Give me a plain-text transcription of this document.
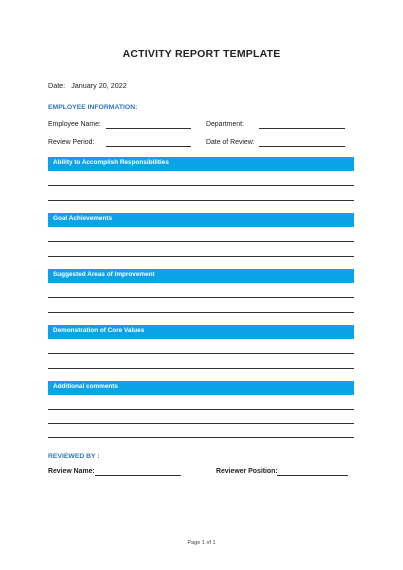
ACTIVITY REPORT TEMPLATE
Date: January 20, 2022
EMPLOYEE INFORMATION:
Employee Name:	Department:
Review Period:	Date of Review:
Ability to Accomplish Responsibilities
Goal Achievements
Suggested Areas of Improvement
Demonstration of Core Values
Additional comments
REVIEWED BY :
Review Name:	Reviewer Position:
Page 1 of 1
